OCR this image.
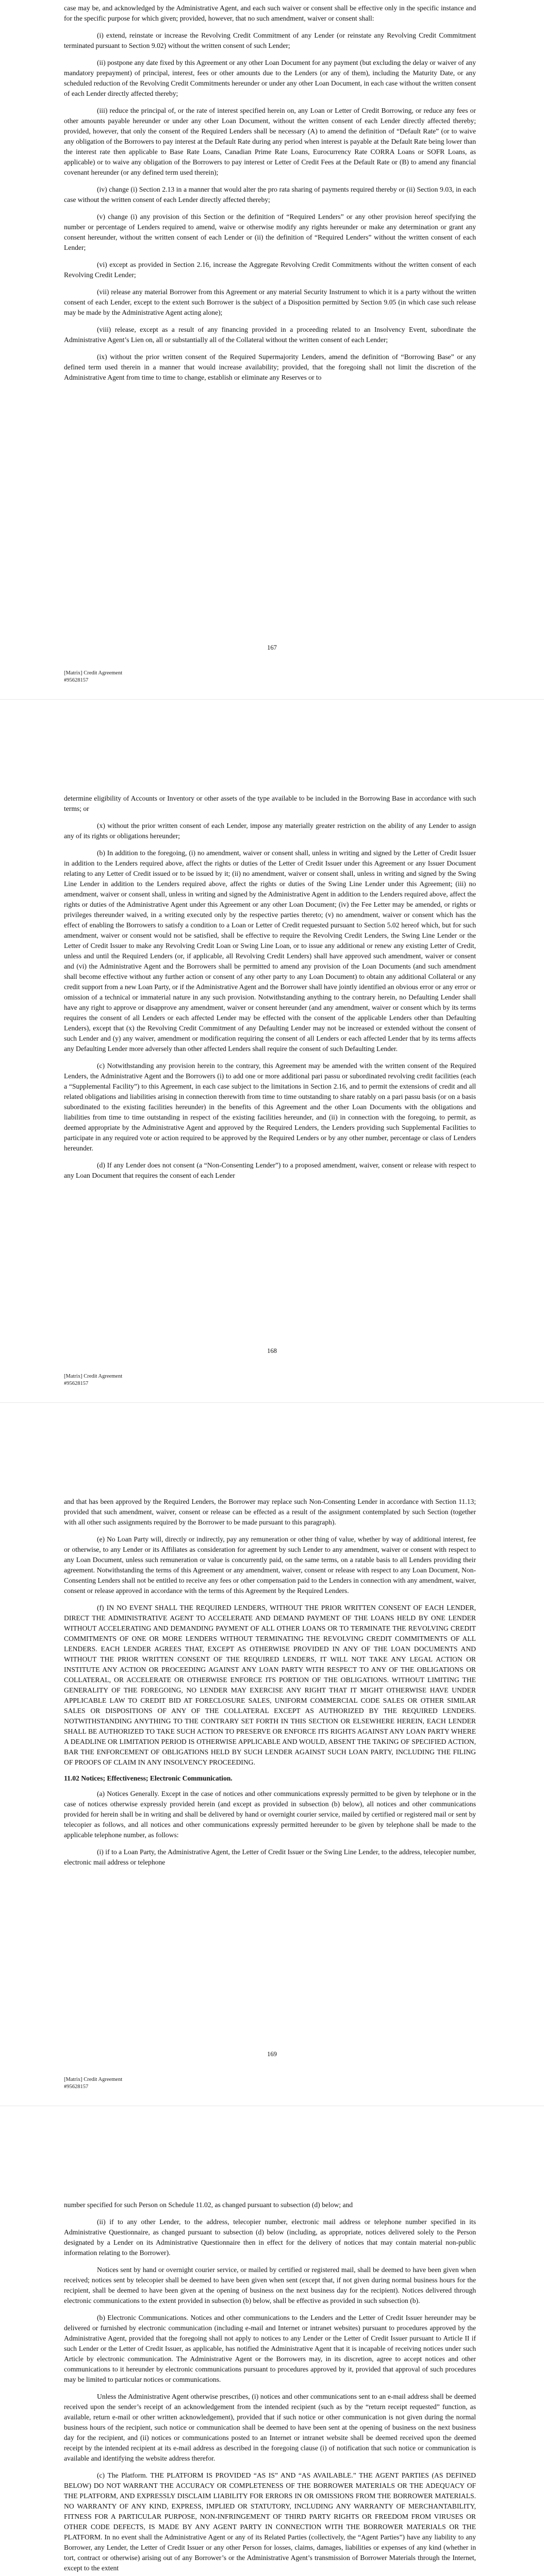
case may be, and acknowledged by the Administrative Agent, and each such waiver or consent shall be effective only in the specific instance and for the specific purpose for which given; provided, however, that no such amendment, waiver or consent shall:

(i) extend, reinstate or increase the Revolving Credit Commitment of any Lender (or reinstate any Revolving Credit Commitment terminated pursuant to Section 9.02) without the written consent of such Lender;

(ii) postpone any date fixed by this Agreement or any other Loan Document for any payment (but excluding the delay or waiver of any mandatory prepayment) of principal, interest, fees or other amounts due to the Lenders (or any of them), including the Maturity Date, or any scheduled reduction of the Revolving Credit Commitments hereunder or under any other Loan Document, in each case without the written consent of each Lender directly affected thereby;

(iii) reduce the principal of, or the rate of interest specified herein on, any Loan or Letter of Credit Borrowing, or reduce any fees or other amounts payable hereunder or under any other Loan Document, without the written consent of each Lender directly affected thereby; provided, however, that only the consent of the Required Lenders shall be necessary (A) to amend the definition of “Default Rate” (or to waive any obligation of the Borrowers to pay interest at the Default Rate during any period when interest is payable at the Default Rate being lower than the interest rate then applicable to Base Rate Loans, Canadian Prime Rate Loans, Eurocurrency Rate CORRA Loans or SOFR Loans, as applicable) or to waive any obligation of the Borrowers to pay interest or Letter of Credit Fees at the Default Rate or (B) to amend any financial covenant hereunder (or any defined term used therein);

(iv) change (i) Section 2.13 in a manner that would alter the pro rata sharing of payments required thereby or (ii) Section 9.03, in each case without the written consent of each Lender directly affected thereby;

(v) change (i) any provision of this Section or the definition of “Required Lenders” or any other provision hereof specifying the number or percentage of Lenders required to amend, waive or otherwise modify any rights hereunder or make any determination or grant any consent hereunder, without the written consent of each Lender or (ii) the definition of “Required Lenders” without the written consent of each Lender;

(vi) except as provided in Section 2.16, increase the Aggregate Revolving Credit Commitments without the written consent of each Revolving Credit Lender;

(vii) release any material Borrower from this Agreement or any material Security Instrument to which it is a party without the written consent of each Lender, except to the extent such Borrower is the subject of a Disposition permitted by Section 9.05 (in which case such release may be made by the Administrative Agent acting alone);

(viii) release, except as a result of any financing provided in a proceeding related to an Insolvency Event, subordinate the Administrative Agent’s Lien on, all or substantially all of the Collateral without the written consent of each Lender;

(ix) without the prior written consent of the Required Supermajority Lenders, amend the definition of “Borrowing Base” or any defined term used therein in a manner that would increase availability; provided, that the foregoing shall not limit the discretion of the Administrative Agent from time to time to change, establish or eliminate any Reserves or to

167
[Matrix] Credit Agreement
#95628157

determine eligibility of Accounts or Inventory or other assets of the type available to be included in the Borrowing Base in accordance with such terms; or

(x) without the prior written consent of each Lender, impose any materially greater restriction on the ability of any Lender to assign any of its rights or obligations hereunder;

(b) In addition to the foregoing, (i) no amendment, waiver or consent shall, unless in writing and signed by the Letter of Credit Issuer in addition to the Lenders required above, affect the rights or duties of the Letter of Credit Issuer under this Agreement or any Issuer Document relating to any Letter of Credit issued or to be issued by it; (ii) no amendment, waiver or consent shall, unless in writing and signed by the Swing Line Lender in addition to the Lenders required above, affect the rights or duties of the Swing Line Lender under this Agreement; (iii) no amendment, waiver or consent shall, unless in writing and signed by the Administrative Agent in addition to the Lenders required above, affect the rights or duties of the Administrative Agent under this Agreement or any other Loan Document; (iv) the Fee Letter may be amended, or rights or privileges thereunder waived, in a writing executed only by the respective parties thereto; (v) no amendment, waiver or consent which has the effect of enabling the Borrowers to satisfy a condition to a Loan or Letter of Credit requested pursuant to Section 5.02 hereof which, but for such amendment, waiver or consent would not be satisfied, shall be effective to require the Revolving Credit Lenders, the Swing Line Lender or the Letter of Credit Issuer to make any Revolving Credit Loan or Swing Line Loan, or to issue any additional or renew any existing Letter of Credit, unless and until the Required Lenders (or, if applicable, all Revolving Credit Lenders) shall have approved such amendment, waiver or consent and (vi) the Administrative Agent and the Borrowers shall be permitted to amend any provision of the Loan Documents (and such amendment shall become effective without any further action or consent of any other party to any Loan Document) to obtain any additional Collateral or any credit support from a new Loan Party, or if the Administrative Agent and the Borrower shall have jointly identified an obvious error or any error or omission of a technical or immaterial nature in any such provision. Notwithstanding anything to the contrary herein, no Defaulting Lender shall have any right to approve or disapprove any amendment, waiver or consent hereunder (and any amendment, waiver or consent which by its terms requires the consent of all Lenders or each affected Lender may be effected with the consent of the applicable Lenders other than Defaulting Lenders), except that (x) the Revolving Credit Commitment of any Defaulting Lender may not be increased or extended without the consent of such Lender and (y) any waiver, amendment or modification requiring the consent of all Lenders or each affected Lender that by its terms affects any Defaulting Lender more adversely than other affected Lenders shall require the consent of such Defaulting Lender.

(c) Notwithstanding any provision herein to the contrary, this Agreement may be amended with the written consent of the Required Lenders, the Administrative Agent and the Borrowers (i) to add one or more additional pari passu or subordinated revolving credit facilities (each a “Supplemental Facility”) to this Agreement, in each case subject to the limitations in Section 2.16, and to permit the extensions of credit and all related obligations and liabilities arising in connection therewith from time to time outstanding to share ratably on a pari passu basis (or on a basis subordinated to the existing facilities hereunder) in the benefits of this Agreement and the other Loan Documents with the obligations and liabilities from time to time outstanding in respect of the existing facilities hereunder, and (ii) in connection with the foregoing, to permit, as deemed appropriate by the Administrative Agent and approved by the Required Lenders, the Lenders providing such Supplemental Facilities to participate in any required vote or action required to be approved by the Required Lenders or by any other number, percentage or class of Lenders hereunder.

(d) If any Lender does not consent (a “Non-Consenting Lender”) to a proposed amendment, waiver, consent or release with respect to any Loan Document that requires the consent of each Lender

168
[Matrix] Credit Agreement
#95628157

and that has been approved by the Required Lenders, the Borrower may replace such Non-Consenting Lender in accordance with Section 11.13; provided that such amendment, waiver, consent or release can be effected as a result of the assignment contemplated by such Section (together with all other such assignments required by the Borrower to be made pursuant to this paragraph).

(e) No Loan Party will, directly or indirectly, pay any remuneration or other thing of value, whether by way of additional interest, fee or otherwise, to any Lender or its Affiliates as consideration for agreement by such Lender to any amendment, waiver or consent with respect to any Loan Document, unless such remuneration or value is concurrently paid, on the same terms, on a ratable basis to all Lenders providing their agreement. Notwithstanding the terms of this Agreement or any amendment, waiver, consent or release with respect to any Loan Document, Non-Consenting Lenders shall not be entitled to receive any fees or other compensation paid to the Lenders in connection with any amendment, waiver, consent or release approved in accordance with the terms of this Agreement by the Required Lenders.

(f) IN NO EVENT SHALL THE REQUIRED LENDERS, WITHOUT THE PRIOR WRITTEN CONSENT OF EACH LENDER, DIRECT THE ADMINISTRATIVE AGENT TO ACCELERATE AND DEMAND PAYMENT OF THE LOANS HELD BY ONE LENDER WITHOUT ACCELERATING AND DEMANDING PAYMENT OF ALL OTHER LOANS OR TO TERMINATE THE REVOLVING CREDIT COMMITMENTS OF ONE OR MORE LENDERS WITHOUT TERMINATING THE REVOLVING CREDIT COMMITMENTS OF ALL LENDERS. EACH LENDER AGREES THAT, EXCEPT AS OTHERWISE PROVIDED IN ANY OF THE LOAN DOCUMENTS AND WITHOUT THE PRIOR WRITTEN CONSENT OF THE REQUIRED LENDERS, IT WILL NOT TAKE ANY LEGAL ACTION OR INSTITUTE ANY ACTION OR PROCEEDING AGAINST ANY LOAN PARTY WITH RESPECT TO ANY OF THE OBLIGATIONS OR COLLATERAL, OR ACCELERATE OR OTHERWISE ENFORCE ITS PORTION OF THE OBLIGATIONS. WITHOUT LIMITING THE GENERALITY OF THE FOREGOING, NO LENDER MAY EXERCISE ANY RIGHT THAT IT MIGHT OTHERWISE HAVE UNDER APPLICABLE LAW TO CREDIT BID AT FORECLOSURE SALES, UNIFORM COMMERCIAL CODE SALES OR OTHER SIMILAR SALES OR DISPOSITIONS OF ANY OF THE COLLATERAL EXCEPT AS AUTHORIZED BY THE REQUIRED LENDERS. NOTWITHSTANDING ANYTHING TO THE CONTRARY SET FORTH IN THIS SECTION OR ELSEWHERE HEREIN, EACH LENDER SHALL BE AUTHORIZED TO TAKE SUCH ACTION TO PRESERVE OR ENFORCE ITS RIGHTS AGAINST ANY LOAN PARTY WHERE A DEADLINE OR LIMITATION PERIOD IS OTHERWISE APPLICABLE AND WOULD, ABSENT THE TAKING OF SPECIFIED ACTION, BAR THE ENFORCEMENT OF OBLIGATIONS HELD BY SUCH LENDER AGAINST SUCH LOAN PARTY, INCLUDING THE FILING OF PROOFS OF CLAIM IN ANY INSOLVENCY PROCEEDING.

11.02 Notices; Effectiveness; Electronic Communication.

(a) Notices Generally. Except in the case of notices and other communications expressly permitted to be given by telephone or in the case of notices otherwise expressly provided herein (and except as provided in subsection (b) below), all notices and other communications provided for herein shall be in writing and shall be delivered by hand or overnight courier service, mailed by certified or registered mail or sent by telecopier as follows, and all notices and other communications expressly permitted hereunder to be given by telephone shall be made to the applicable telephone number, as follows:

(i) if to a Loan Party, the Administrative Agent, the Letter of Credit Issuer or the Swing Line Lender, to the address, telecopier number, electronic mail address or telephone

169
[Matrix] Credit Agreement
#95628157

number specified for such Person on Schedule 11.02, as changed pursuant to subsection (d) below; and

(ii) if to any other Lender, to the address, telecopier number, electronic mail address or telephone number specified in its Administrative Questionnaire, as changed pursuant to subsection (d) below (including, as appropriate, notices delivered solely to the Person designated by a Lender on its Administrative Questionnaire then in effect for the delivery of notices that may contain material non-public information relating to the Borrower).

Notices sent by hand or overnight courier service, or mailed by certified or registered mail, shall be deemed to have been given when received; notices sent by telecopier shall be deemed to have been given when sent (except that, if not given during normal business hours for the recipient, shall be deemed to have been given at the opening of business on the next business day for the recipient). Notices delivered through electronic communications to the extent provided in subsection (b) below, shall be effective as provided in such subsection (b).

(b) Electronic Communications. Notices and other communications to the Lenders and the Letter of Credit Issuer hereunder may be delivered or furnished by electronic communication (including e-mail and Internet or intranet websites) pursuant to procedures approved by the Administrative Agent, provided that the foregoing shall not apply to notices to any Lender or the Letter of Credit Issuer pursuant to Article II if such Lender or the Letter of Credit Issuer, as applicable, has notified the Administrative Agent that it is incapable of receiving notices under such Article by electronic communication. The Administrative Agent or the Borrowers may, in its discretion, agree to accept notices and other communications to it hereunder by electronic communications pursuant to procedures approved by it, provided that approval of such procedures may be limited to particular notices or communications.

Unless the Administrative Agent otherwise prescribes, (i) notices and other communications sent to an e-mail address shall be deemed received upon the sender’s receipt of an acknowledgement from the intended recipient (such as by the “return receipt requested” function, as available, return e-mail or other written acknowledgement), provided that if such notice or other communication is not given during the normal business hours of the recipient, such notice or communication shall be deemed to have been sent at the opening of business on the next business day for the recipient, and (ii) notices or communications posted to an Internet or intranet website shall be deemed received upon the deemed receipt by the intended recipient at its e-mail address as described in the foregoing clause (i) of notification that such notice or communication is available and identifying the website address therefor.

(c) The Platform. THE PLATFORM IS PROVIDED “AS IS” AND “AS AVAILABLE.” THE AGENT PARTIES (AS DEFINED BELOW) DO NOT WARRANT THE ACCURACY OR COMPLETENESS OF THE BORROWER MATERIALS OR THE ADEQUACY OF THE PLATFORM, AND EXPRESSLY DISCLAIM LIABILITY FOR ERRORS IN OR OMISSIONS FROM THE BORROWER MATERIALS. NO WARRANTY OF ANY KIND, EXPRESS, IMPLIED OR STATUTORY, INCLUDING ANY WARRANTY OF MERCHANTABILITY, FITNESS FOR A PARTICULAR PURPOSE, NON-INFRINGEMENT OF THIRD PARTY RIGHTS OR FREEDOM FROM VIRUSES OR OTHER CODE DEFECTS, IS MADE BY ANY AGENT PARTY IN CONNECTION WITH THE BORROWER MATERIALS OR THE PLATFORM. In no event shall the Administrative Agent or any of its Related Parties (collectively, the “Agent Parties”) have any liability to any Borrower, any Lender, the Letter of Credit Issuer or any other Person for losses, claims, damages, liabilities or expenses of any kind (whether in tort, contract or otherwise) arising out of any Borrower’s or the Administrative Agent’s transmission of Borrower Materials through the Internet, except to the extent
